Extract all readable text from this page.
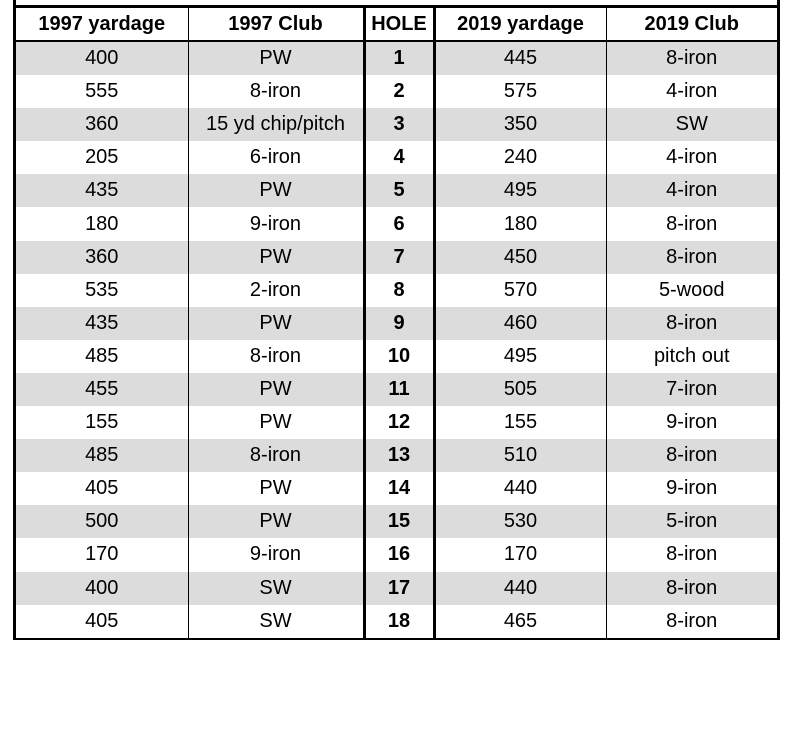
1997 yardage	1997 Club	HOLE	2019 yardage	2019 Club
400	PW	1	445	8-iron
555	8-iron	2	575	4-iron
360	15 yd chip/pitch	3	350	SW
205	6-iron	4	240	4-iron
435	PW	5	495	4-iron
180	9-iron	6	180	8-iron
360	PW	7	450	8-iron
535	2-iron	8	570	5-wood
435	PW	9	460	8-iron
485	8-iron	10	495	pitch out
455	PW	11	505	7-iron
155	PW	12	155	9-iron
485	8-iron	13	510	8-iron
405	PW	14	440	9-iron
500	PW	15	530	5-iron
170	9-iron	16	170	8-iron
400	SW	17	440	8-iron
405	SW	18	465	8-iron
